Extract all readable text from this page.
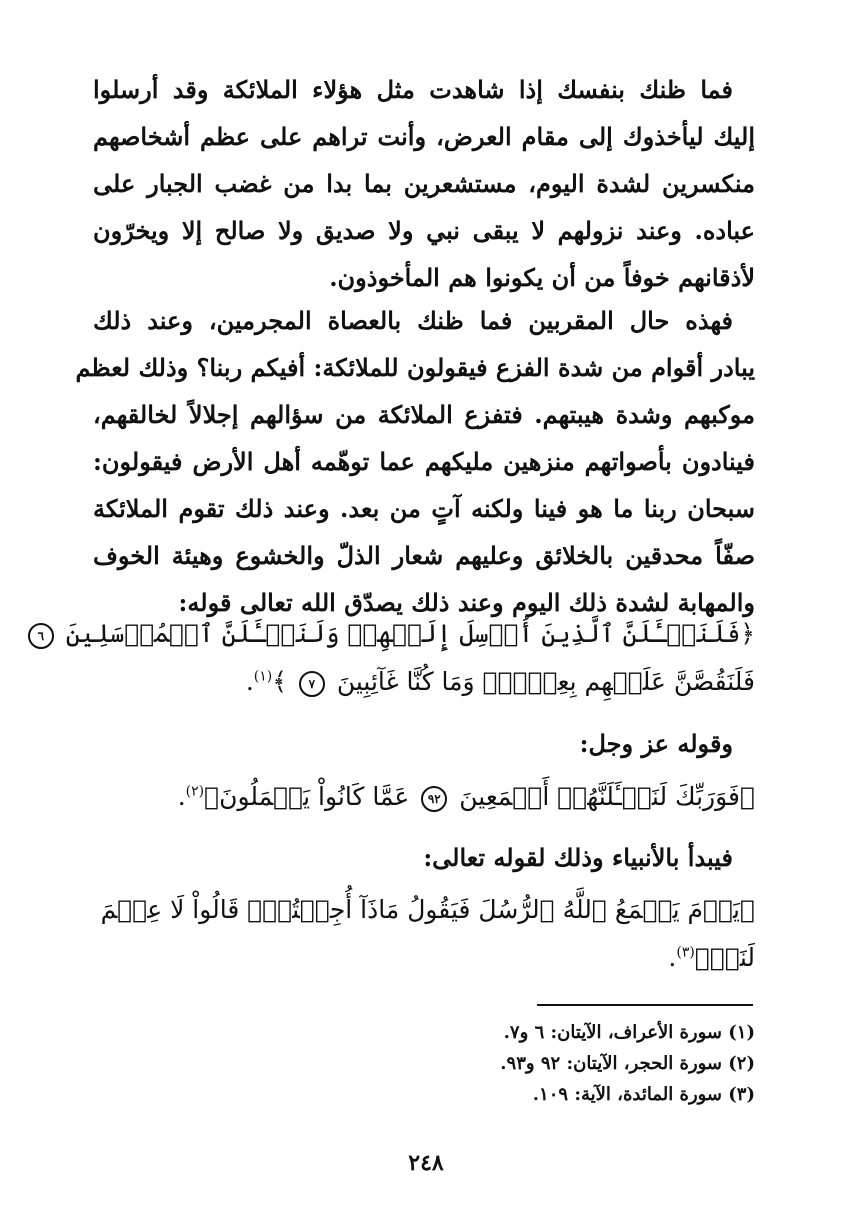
فما ظنك بنفسك إذا شاهدت مثل هؤلاء الملائكة وقد أرسلوا
إليك ليأخذوك إلى مقام العرض، وأنت تراهم على عظم أشخاصهم
منكسرين لشدة اليوم، مستشعرين بما بدا من غضب الجبار على
عباده. وعند نزولهم لا يبقى نبي ولا صديق ولا صالح إلا ويخرّون
لأذقانهم خوفاً من أن يكونوا هم المأخوذون.
فهذه حال المقربين فما ظنك بالعصاة المجرمين، وعند ذلك
يبادر أقوام من شدة الفزع فيقولون للملائكة: أفيكم ربنا؟ وذلك لعظم
موكبهم وشدة هيبتهم. فتفزع الملائكة من سؤالهم إجلالاً لخالقهم،
فينادون بأصواتهم منزهين مليكهم عما توهّمه أهل الأرض فيقولون:
سبحان ربنا ما هو فينا ولكنه آتٍ من بعد. وعند ذلك تقوم الملائكة
صفّاً محدقين بالخلائق وعليهم شعار الذلّ والخشوع وهيئة الخوف
والمهابة لشدة ذلك اليوم وعند ذلك يصدّق الله تعالى قوله:
﴿فَلَنَسۡـَٔلَنَّ ٱلَّذِينَ أُرۡسِلَ إِلَيۡهِمۡ وَلَنَسۡـَٔلَنَّ ٱلۡمُرۡسَلِينَ ٦
فَلَنَقُصَّنَّ عَلَيۡهِم بِعِلۡمٖۖ وَمَا كُنَّا غَآئِبِينَ ٧ ﴾$^{(١)}$.
وقوله عز وجل:
﴿فَوَرَبِّكَ لَنَسۡـَٔلَنَّهُمۡ أَجۡمَعِينَ ٩٢ عَمَّا كَانُواْ يَعۡمَلُونَ﴾$^{(٢)}$.
فيبدأ بالأنبياء وذلك لقوله تعالى:
﴿يَوۡمَ يَجۡمَعُ ٱللَّهُ ٱلرُّسُلَ فَيَقُولُ مَاذَآ أُجِبۡتُمۡۖ قَالُواْ لَا عِلۡمَ
لَنَآۖ﴾$^{(٣)}$.
(١) سورة الأعراف، الآيتان: ٦ و٧.
(٢) سورة الحجر، الآيتان: ٩٢ و٩٣.
(٣) سورة المائدة، الآية: ١٠٩.
٢٤٨
